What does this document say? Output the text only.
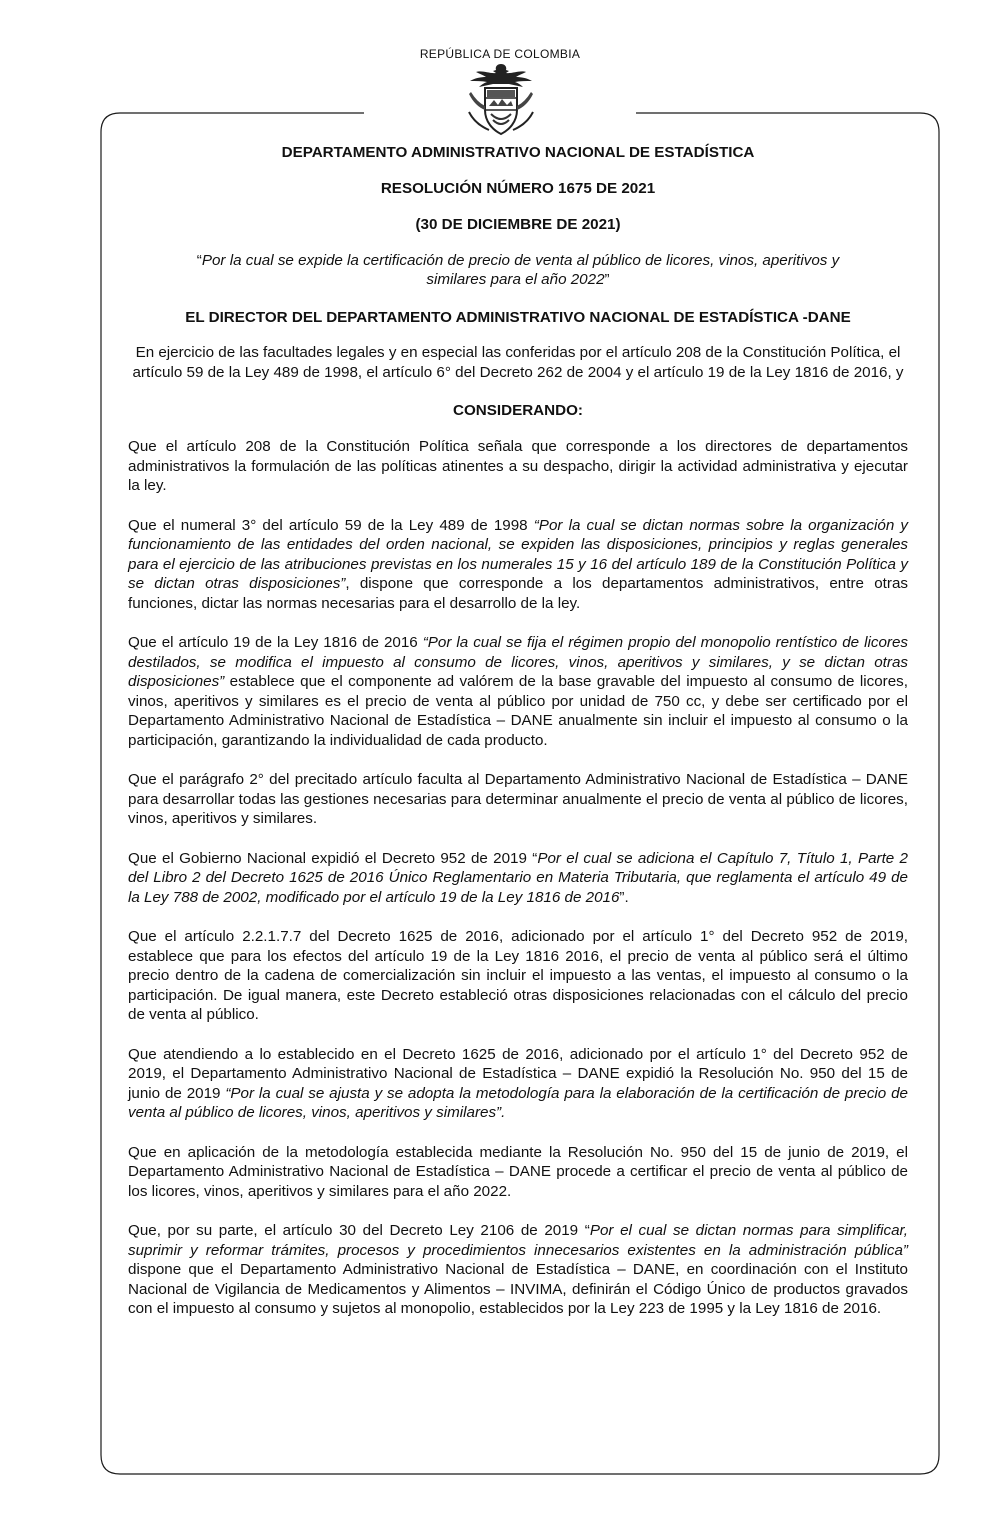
REPÚBLICA DE COLOMBIA
DEPARTAMENTO ADMINISTRATIVO NACIONAL DE ESTADÍSTICA
RESOLUCIÓN NÚMERO 1675 DE 2021
(30 DE DICIEMBRE DE 2021)
“Por la cual se expide la certificación de precio de venta al público de licores, vinos, aperitivos y similares para el año 2022”
EL DIRECTOR DEL DEPARTAMENTO ADMINISTRATIVO NACIONAL DE ESTADÍSTICA -DANE
En ejercicio de las facultades legales y en especial las conferidas por el artículo 208 de la Constitución Política, el artículo 59 de la Ley 489 de 1998, el artículo 6° del Decreto 262 de 2004 y el artículo 19 de la Ley 1816 de 2016, y
CONSIDERANDO:

Que el artículo 208 de la Constitución Política señala que corresponde a los directores de departamentos administrativos la formulación de las políticas atinentes a su despacho, dirigir la actividad administrativa y ejecutar la ley.

Que el numeral 3° del artículo 59 de la Ley 489 de 1998 “Por la cual se dictan normas sobre la organización y funcionamiento de las entidades del orden nacional, se expiden las disposiciones, principios y reglas generales para el ejercicio de las atribuciones previstas en los numerales 15 y 16 del artículo 189 de la Constitución Política y se dictan otras disposiciones”, dispone que corresponde a los departamentos administrativos, entre otras funciones, dictar las normas necesarias para el desarrollo de la ley.

Que el artículo 19 de la Ley 1816 de 2016 “Por la cual se fija el régimen propio del monopolio rentístico de licores destilados, se modifica el impuesto al consumo de licores, vinos, aperitivos y similares, y se dictan otras disposiciones” establece que el componente ad valórem de la base gravable del impuesto al consumo de licores, vinos, aperitivos y similares es el precio de venta al público por unidad de 750 cc, y debe ser certificado por el Departamento Administrativo Nacional de Estadística – DANE anualmente sin incluir el impuesto al consumo o la participación, garantizando la individualidad de cada producto.

Que el parágrafo 2° del precitado artículo faculta al Departamento Administrativo Nacional de Estadística – DANE para desarrollar todas las gestiones necesarias para determinar anualmente el precio de venta al público de licores, vinos, aperitivos y similares.

Que el Gobierno Nacional expidió el Decreto 952 de 2019 “Por el cual se adiciona el Capítulo 7, Título 1, Parte 2 del Libro 2 del Decreto 1625 de 2016 Único Reglamentario en Materia Tributaria, que reglamenta el artículo 49 de la Ley 788 de 2002, modificado por el artículo 19 de la Ley 1816 de 2016”.

Que el artículo 2.2.1.7.7 del Decreto 1625 de 2016, adicionado por el artículo 1° del Decreto 952 de 2019, establece que para los efectos del artículo 19 de la Ley 1816 2016, el precio de venta al público será el último precio dentro de la cadena de comercialización sin incluir el impuesto a las ventas, el impuesto al consumo o la participación. De igual manera, este Decreto estableció otras disposiciones relacionadas con el cálculo del precio de venta al público.

Que atendiendo a lo establecido en el Decreto 1625 de 2016, adicionado por el artículo 1° del Decreto 952 de 2019, el Departamento Administrativo Nacional de Estadística – DANE expidió la Resolución No. 950 del 15 de junio de 2019 “Por la cual se ajusta y se adopta la metodología para la elaboración de la certificación de precio de venta al público de licores, vinos, aperitivos y similares”.

Que en aplicación de la metodología establecida mediante la Resolución No. 950 del 15 de junio de 2019, el Departamento Administrativo Nacional de Estadística – DANE procede a certificar el precio de venta al público de los licores, vinos, aperitivos y similares para el año 2022.

Que, por su parte, el artículo 30 del Decreto Ley 2106 de 2019 “Por el cual se dictan normas para simplificar, suprimir y reformar trámites, procesos y procedimientos innecesarios existentes en la administración pública” dispone que el Departamento Administrativo Nacional de Estadística – DANE, en coordinación con el Instituto Nacional de Vigilancia de Medicamentos y Alimentos – INVIMA, definirán el Código Único de productos gravados con el impuesto al consumo y sujetos al monopolio, establecidos por la Ley 223 de 1995 y la Ley 1816 de 2016.
